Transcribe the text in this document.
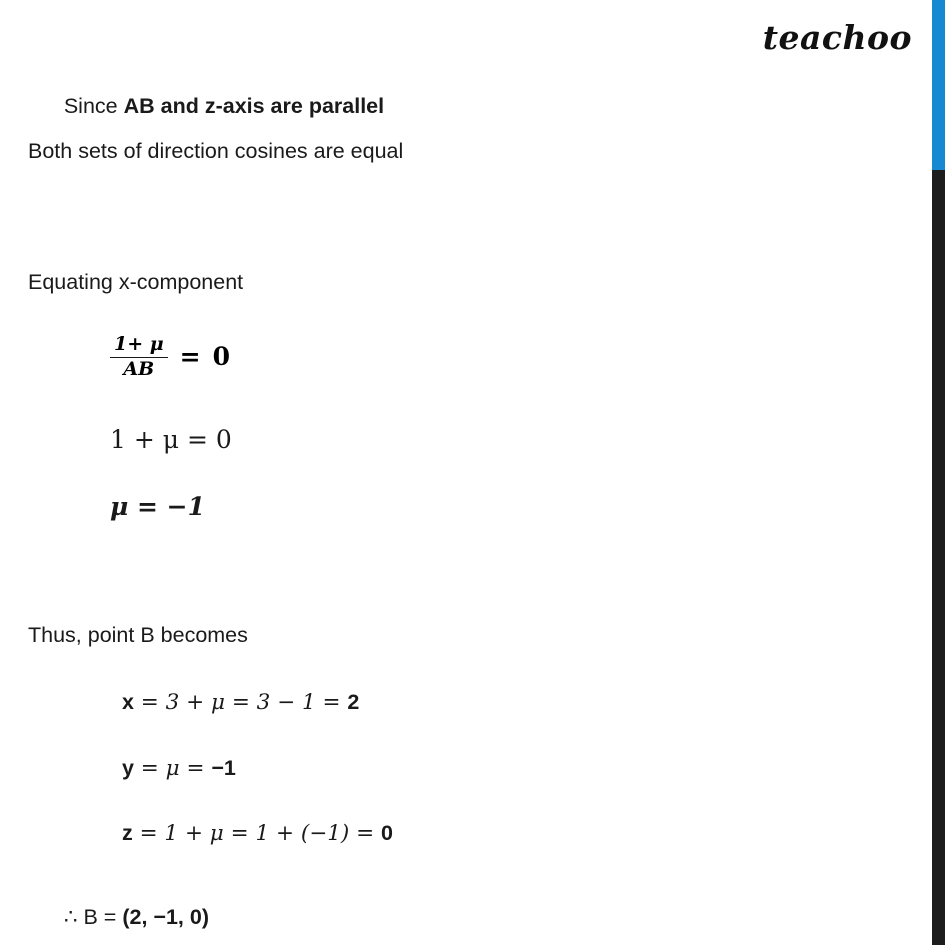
teachoo

Since AB and z-axis are parallel

Both sets of direction cosines are equal
Equating x-component
$\frac{1+ \mu}{AB} = 0$
1 + μ = 0
μ = −1
Thus, point B becomes
x = 3 + μ = 3 − 1 = 2
y = μ = −1
z = 1 + μ = 1 + (−1) = 0

∴ B = (2, −1, 0)
